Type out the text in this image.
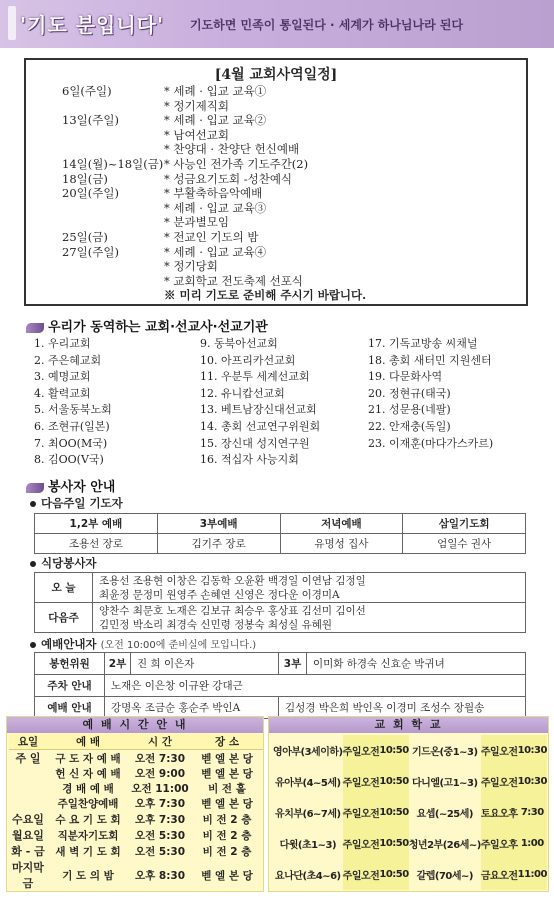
'기도 분입니다' 기도하면 민족이 통일된다 · 세계가 하나님나라 된다
[4월 교회사역일정]
6일(주일)	* 세례 · 입교 교육①
* 정기제직회
13일(주일)	* 세례 · 입교 교육②
* 남여선교회
* 찬양대 · 찬양단 헌신예배
14일(월)~18일(금) * 사능인 전가족 기도주간(2)
18일(금)	* 성금요기도회 -성찬예식
20일(주일)	* 부활축하음악예배
* 세례 · 입교 교육③
* 분과별모임
25일(금)	* 전교인 기도의 밤
27일(주일)	* 세례 · 입교 교육④
* 정기당회
* 교회학교 전도축제 선포식
※ 미리 기도로 준비해 주시기 바랍니다.
우리가 동역하는 교회·선교사·선교기관
1. 우리교회
2. 주은혜교회
3. 예명교회
4. 활력교회
5. 서울동북노회
6. 조현규(일본)
7. 최OO(M국)
8. 김OO(V국)
9. 동북아선교회
10. 아프리카선교회
11. 우분투 세계선교회
12. 유니캅선교회
13. 베트남장신대선교회
14. 총회 선교연구위원회
15. 장신대 성지연구원
16. 적십자 사능지회
17. 기독교방송 씨채널
18. 총회 새터민 지원센터
19. 다문화사역
20. 정현규(태국)
21. 성문용(네팔)
22. 안재충(독일)
23. 이재훈(마다가스카르)
봉사자 안내
다음주일 기도자
1,2부 예배	3부예배	저녁예배	삼일기도회
조용선 장로	김기주 장로	유명성 집사	엄일수 권사
식당봉사자
오 늘	조용선 조용현 이창은 김동학 오윤환 백경일 이연남 김정일
최윤정 문정미 원영주 손혜연 신영은 정다운 이경미A

다음주	양찬수 최문호 노재은 김보규 최승우 홍상표 김선미 김이선
김민정 박소리 최경숙 신민령 정봉숙 최성실 유혜원
예배안내자 (오전 10:00에 준비실에 모입니다.)
봉헌위원	2부	진 희 이은자	3부	이미화 하경숙 신효순 박귀녀
주차 안내	노재은 이은창 이규완 강대근			
예배 안내	강명옥 조금순 홍순주 박인A		김성경 박은희 박인옥 이경미 조성수 장월송	
예 배 시 간 안 내
요일	예 배	시 간	장 소
주 일	구 도 자 예 배	오전 7:30	벧 엘 본 당
	헌 신 자 예 배	오전 9:00	벧 엘 본 당
	경 배 예 배	오전 11:00	비 전 홀
	주일찬양예배	오후 7:30	벧 엘 본 당
수요일	수 요 기 도 회	오후 7:30	비 전 2 층
월요일	직분자기도회	오전 5:30	비 전 2 층
화 - 금	새 벽 기 도 회	오전 5:30	비 전 2 층
마지막금	기 도 의 밤	오후 8:30	벧 엘 본 당
교 회 학 교
영아부(3세이하)	주일오전	10:50	기드온(중1~3)	주일오전	10:30
유아부(4~5세)	주일오전	10:50	다니엘(고1~3)	주일오전	10:30
유치부(6~7세)	주일오전	10:50	요셉(~25세)	토요오후	7:30
다윗(초1~3)	주일오전	10:50	청년2부(26세~)	주일오후	1:00
요나단(초4~6)	주일오전	10:50	갈렙(70세~)	금요오전	11:00
